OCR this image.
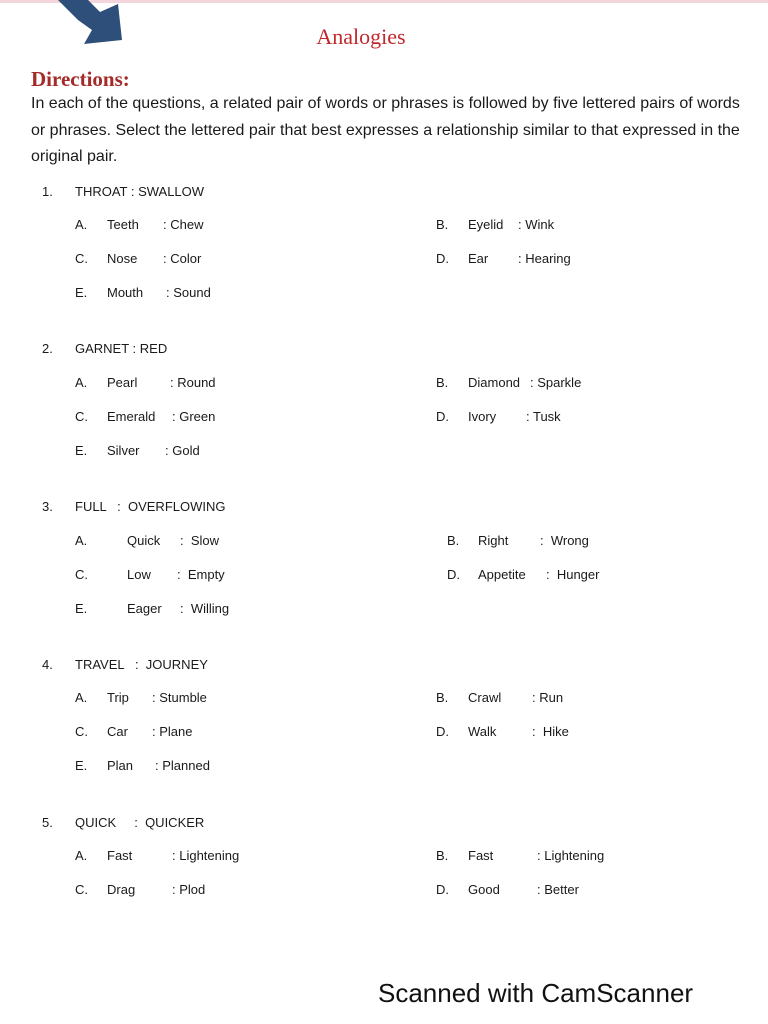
Analogies
Directions:
In each of the questions, a related pair of words or phrases is followed by five lettered pairs of words or phrases. Select the lettered pair that best expresses a relationship similar to that expressed in the original pair.
1. THROAT : SWALLOW
A. Teeth : Chew	B. Eyelid : Wink
C. Nose : Color	D. Ear : Hearing
E. Mouth : Sound
2. GARNET : RED
A. Pearl	: Round	B. Diamond : Sparkle
C. Emerald : Green	D. Ivory : Tusk
E. Silver : Gold
3. FULL   :  OVERFLOWING
A.	Quick :  Slow	B. Right :  Wrong
C.	Low :  Empty	D. Appetite :  Hunger
E.	Eager :  Willing
4. TRAVEL   :  JOURNEY
A. Trip : Stumble	B. Crawl : Run
C. Car : Plane	D. Walk	:  Hike
E. Plan : Planned
5. QUICK     :  QUICKER
A. Fast	: Lightening	B. Fast	: Lightening
C. Drag	: Plod	D. Good	: Better
Scanned with CamScanner
